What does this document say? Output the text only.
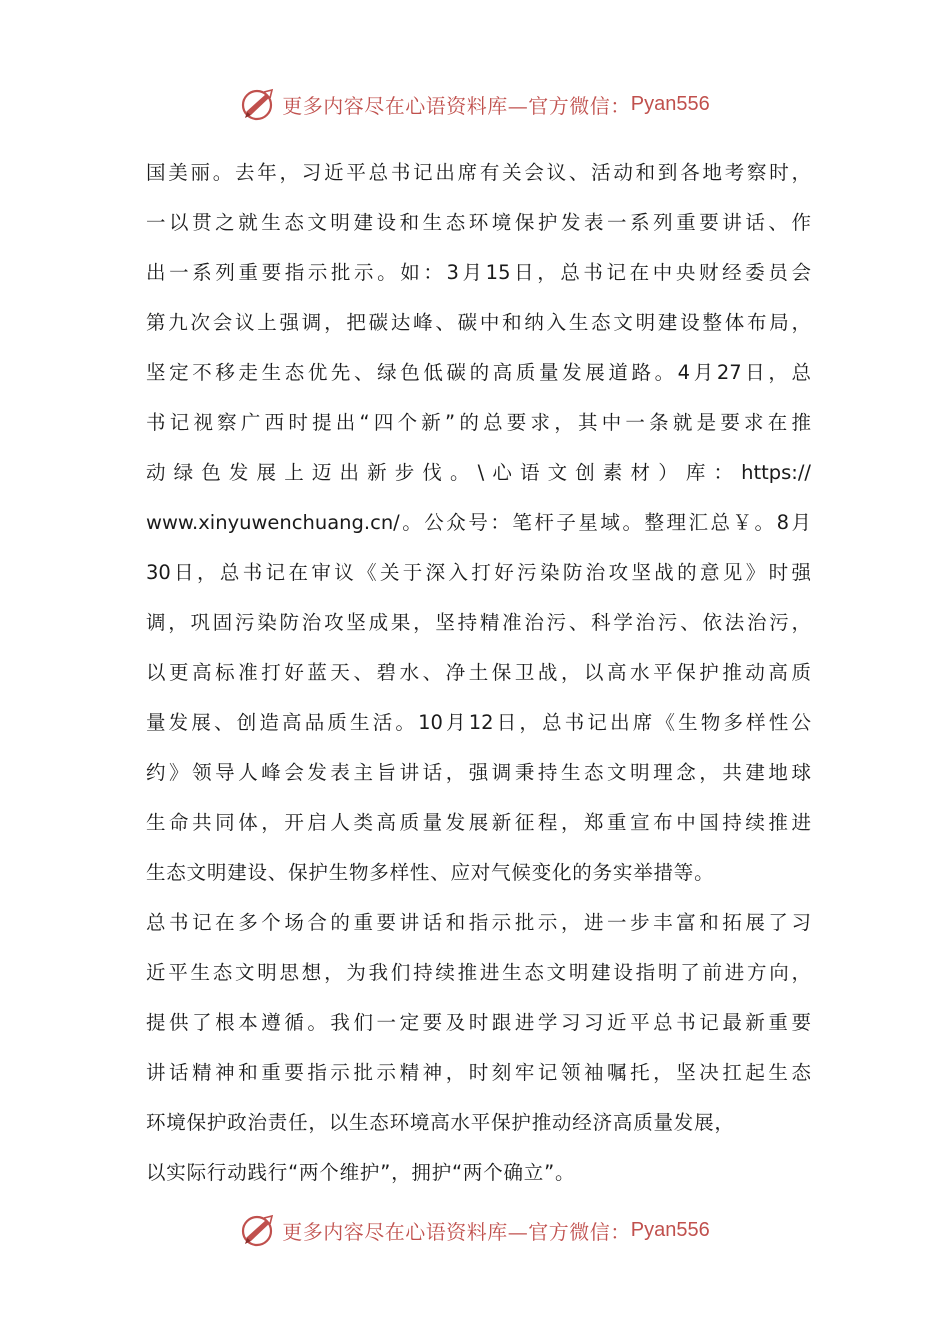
更多内容尽在心语资料库—官方微信： Pyan556
国美丽。去年，习近平总书记出席有关会议、活动和到各地考察时，
一以贯之就生态文明建设和生态环境保护发表一系列重要讲话、作
出一系列重要指示批示。如：3月15日，总书记在中央财经委员会
第九次会议上强调，把碳达峰、碳中和纳入生态文明建设整体布局，
坚定不移走生态优先、绿色低碳的高质量发展道路。4月27日，总
书记视察广西时提出“四个新”的总要求，其中一条就是要求在推
动绿色发展上迈出新步伐。\心语文创素材）库：https://
www.xinyuwenchuang.cn/。公众号：笔杆子星域。整理汇总￥。8月
30日，总书记在审议《关于深入打好污染防治攻坚战的意见》时强
调，巩固污染防治攻坚成果，坚持精准治污、科学治污、依法治污，
以更高标准打好蓝天、碧水、净土保卫战，以高水平保护推动高质
量发展、创造高品质生活。10月12日，总书记出席《生物多样性公
约》领导人峰会发表主旨讲话，强调秉持生态文明理念，共建地球
生命共同体，开启人类高质量发展新征程，郑重宣布中国持续推进
生态文明建设、保护生物多样性、应对气候变化的务实举措等。
总书记在多个场合的重要讲话和指示批示，进一步丰富和拓展了习
近平生态文明思想，为我们持续推进生态文明建设指明了前进方向，
提供了根本遵循。我们一定要及时跟进学习习近平总书记最新重要
讲话精神和重要指示批示精神，时刻牢记领袖嘱托，坚决扛起生态
环境保护政治责任，以生态环境高水平保护推动经济高质量发展，
以实际行动践行“两个维护”，拥护“两个确立”。
更多内容尽在心语资料库—官方微信： Pyan556
